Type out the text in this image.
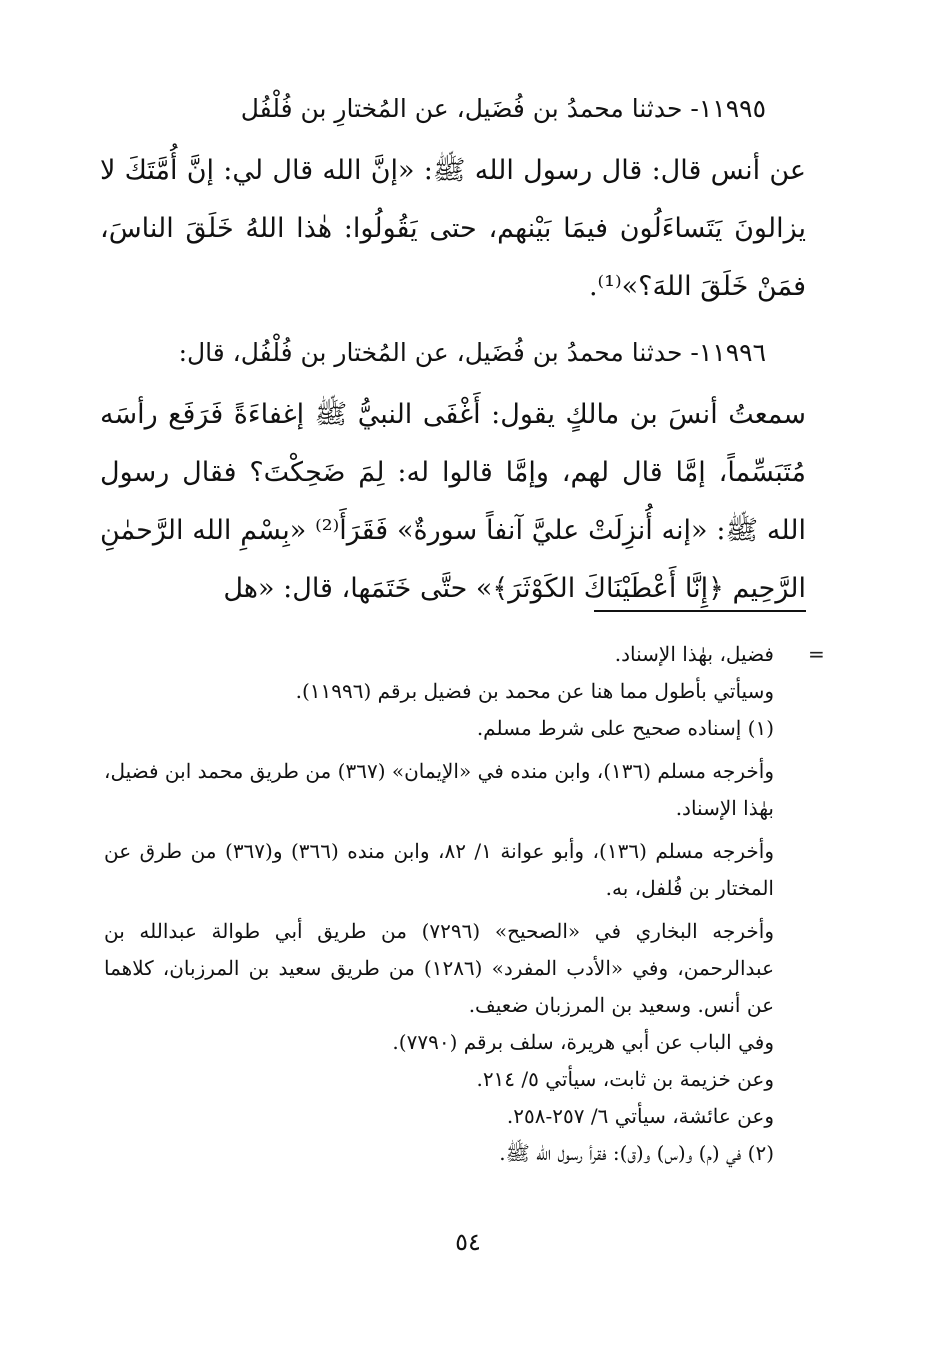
١١٩٩٥- حدثنا محمدُ بن فُضَيل، عن المُختارِ بن فُلْفُل

عن أنس قال: قال رسول الله ﷺ: «إنَّ الله قال لي: إنَّ أُمَّتَكَ لا يزالونَ يَتَساءَلُون فيمَا بَيْنهم، حتى يَقُولُوا: هٰذا اللهُ خَلَقَ الناسَ، فمَنْ خَلَقَ اللهَ؟»⁽¹⁾.

١١٩٩٦- حدثنا محمدُ بن فُضَيل، عن المُختار بن فُلْفُل، قال:

سمعتُ أنسَ بن مالكٍ يقول: أَغْفَى النبيُّ ﷺ إغفاءَةً فَرَفَع رأسَه مُتَبَسِّماً، إمَّا قال لهم، وإمَّا قالوا له: لِمَ ضَحِكْتَ؟ فقال رسول الله ﷺ: «إنه أُنزِلَتْ عليَّ آنفاً سورةٌ» فَقَرَأَ⁽²⁾ «بِسْمِ الله الرَّحمٰنِ الرَّحِيم ﴿إِنَّا أَعْطَيْنَاكَ الكَوْثَرَ﴾» حتَّى خَتَمَها، قال: «هل

=

فضيل، بهٰذا الإسناد.

وسيأتي بأطول مما هنا عن محمد بن فضيل برقم (١١٩٩٦).

(١) إسناده صحيح على شرط مسلم.

وأخرجه مسلم (١٣٦)، وابن منده في «الإيمان» (٣٦٧) من طريق محمد ابن فضيل، بهٰذا الإسناد.

وأخرجه مسلم (١٣٦)، وأبو عوانة ١/ ٨٢، وابن منده (٣٦٦) و(٣٦٧) من طرق عن المختار بن فُلفل، به.

وأخرجه البخاري في «الصحيح» (٧٢٩٦) من طريق أبي طوالة عبدالله بن عبدالرحمن، وفي «الأدب المفرد» (١٢٨٦) من طريق سعيد بن المرزبان، كلاهما عن أنس. وسعيد بن المرزبان ضعيف.

وفي الباب عن أبي هريرة، سلف برقم (٧٧٩٠).

وعن خزيمة بن ثابت، سيأتي ٥/ ٢١٤.

وعن عائشة، سيأتي ٦/ ٢٥٧-٢٥٨.

(٢) في (م) و(س) و(ق): فقرأ رسول الله ﷺ.

٥٤
